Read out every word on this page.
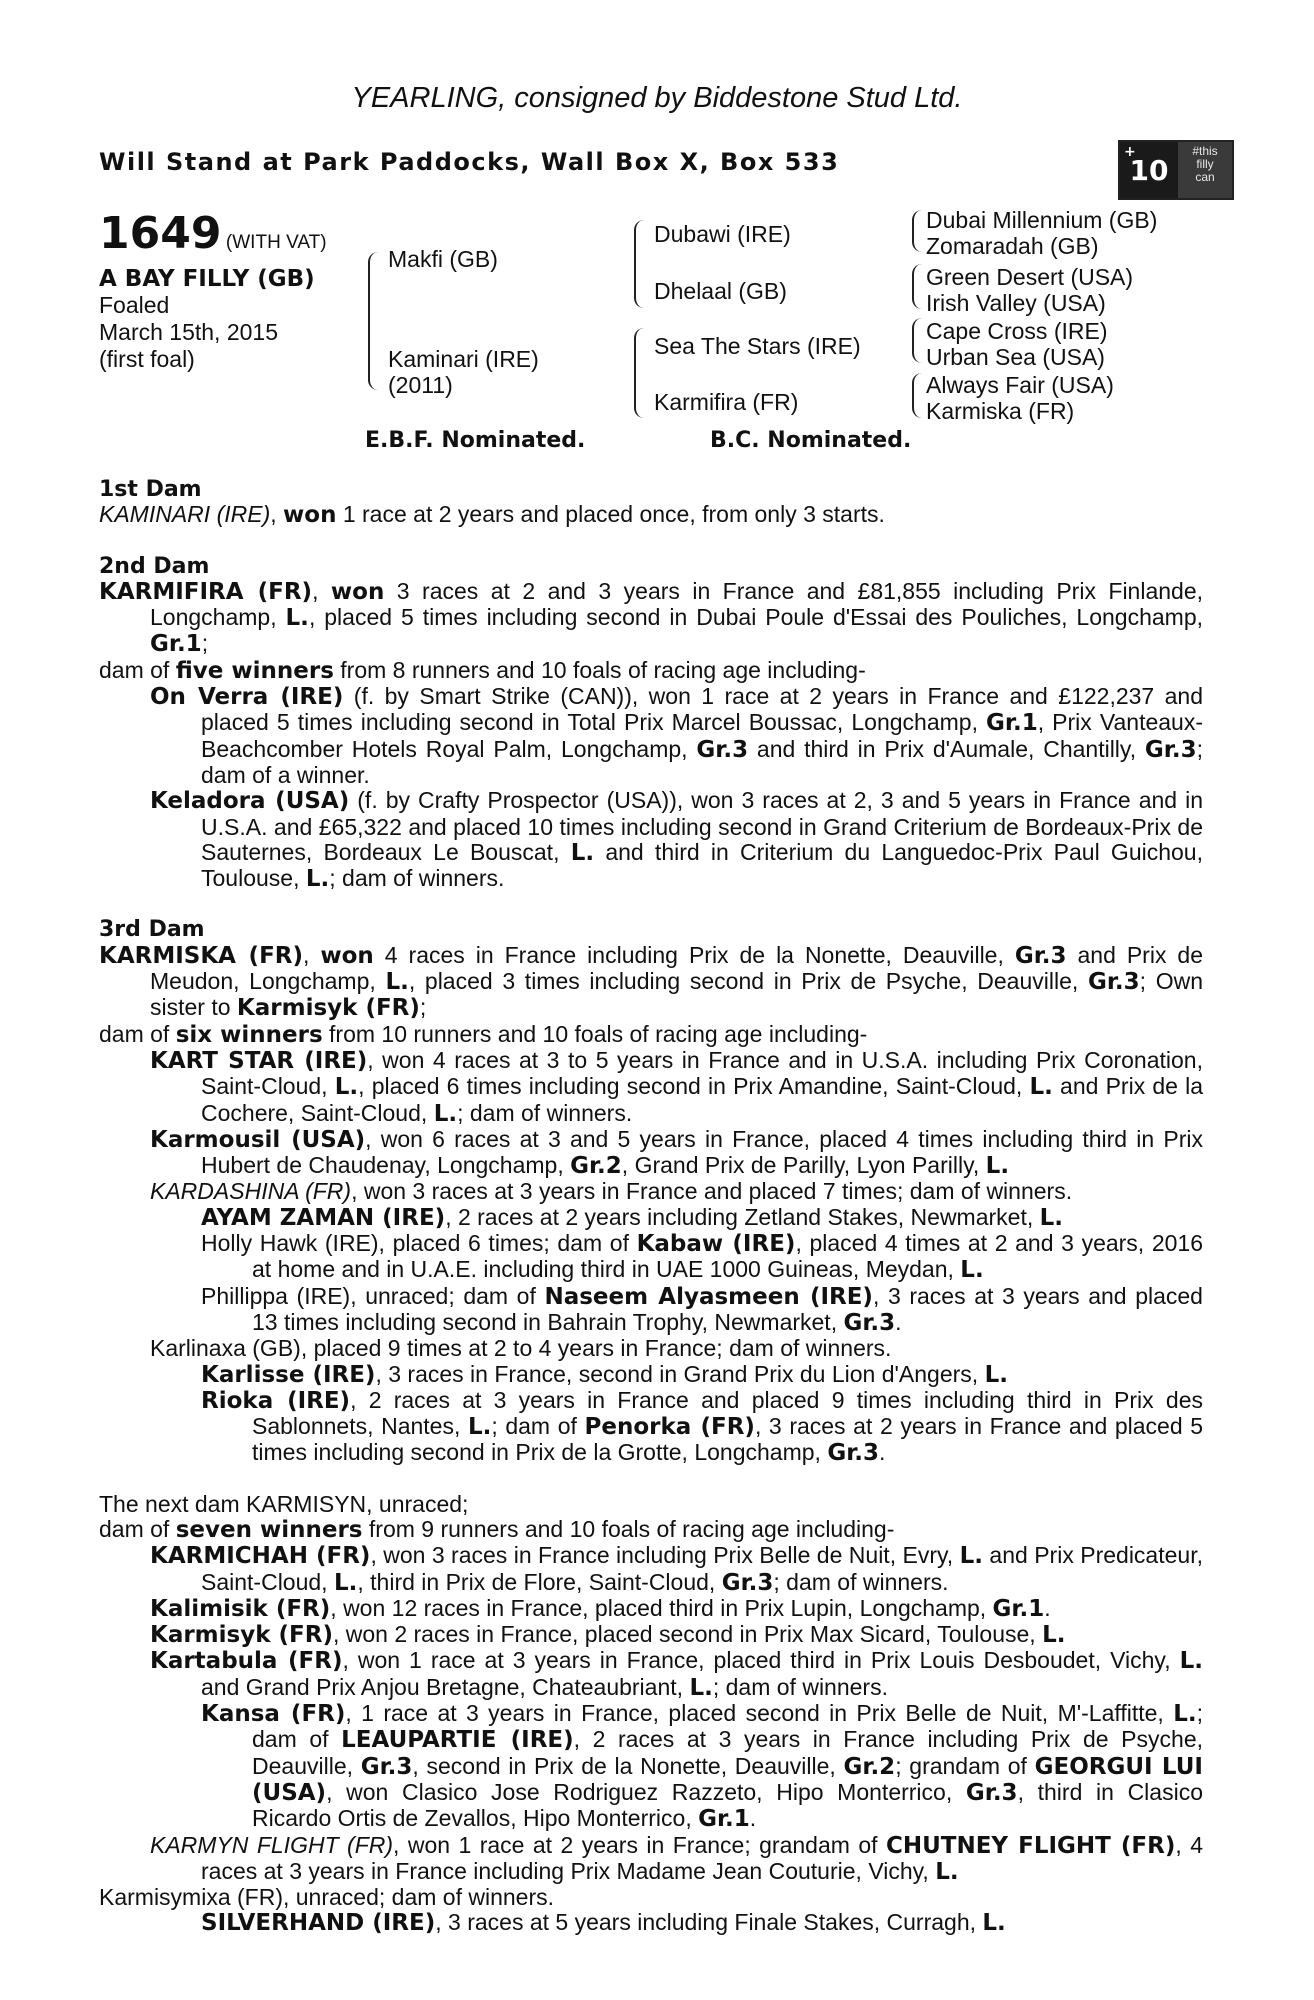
YEARLING, consigned by Biddestone Stud Ltd.
Will Stand at Park Paddocks, Wall Box X, Box 533	+
10
#this
filly
can
1649 (WITH VAT)
A BAY FILLY (GB)
Foaled
March 15th, 2015
(first foal)
Makfi (GB)
Kaminari (IRE)
(2011)
Dubawi (IRE)
Dhelaal (GB)
Sea The Stars (IRE)
Karmifira (FR)
Dubai Millennium (GB)
Zomaradah (GB)
Green Desert (USA)
Irish Valley (USA)
Cape Cross (IRE)
Urban Sea (USA)
Always Fair (USA)
Karmiska (FR)
E.B.F. Nominated.	B.C. Nominated.

1st Dam

KAMINARI (IRE), won 1 race at 2 years and placed once, from only 3 starts.

2nd Dam

KARMIFIRA (FR), won 3 races at 2 and 3 years in France and £81,855 including Prix Finlande, Longchamp, L., placed 5 times including second in Dubai Poule d'Essai des Pouliches, Longchamp, Gr.1;

dam of five winners from 8 runners and 10 foals of racing age including-

On Verra (IRE) (f. by Smart Strike (CAN)), won 1 race at 2 years in France and £122,237 and placed 5 times including second in Total Prix Marcel Boussac, Longchamp, Gr.1, Prix Vanteaux-Beachcomber Hotels Royal Palm, Longchamp, Gr.3 and third in Prix d'Aumale, Chantilly, Gr.3; dam of a winner.

Keladora (USA) (f. by Crafty Prospector (USA)), won 3 races at 2, 3 and 5 years in France and in U.S.A. and £65,322 and placed 10 times including second in Grand Criterium de Bordeaux-Prix de Sauternes, Bordeaux Le Bouscat, L. and third in Criterium du Languedoc-Prix Paul Guichou, Toulouse, L.; dam of winners.

3rd Dam

KARMISKA (FR), won 4 races in France including Prix de la Nonette, Deauville, Gr.3 and Prix de Meudon, Longchamp, L., placed 3 times including second in Prix de Psyche, Deauville, Gr.3; Own sister to Karmisyk (FR);

dam of six winners from 10 runners and 10 foals of racing age including-

KART STAR (IRE), won 4 races at 3 to 5 years in France and in U.S.A. including Prix Coronation, Saint-Cloud, L., placed 6 times including second in Prix Amandine, Saint-Cloud, L. and Prix de la Cochere, Saint-Cloud, L.; dam of winners.

Karmousil (USA), won 6 races at 3 and 5 years in France, placed 4 times including third in Prix Hubert de Chaudenay, Longchamp, Gr.2, Grand Prix de Parilly, Lyon Parilly, L.

KARDASHINA (FR), won 3 races at 3 years in France and placed 7 times; dam of winners.

AYAM ZAMAN (IRE), 2 races at 2 years including Zetland Stakes, Newmarket, L.

Holly Hawk (IRE), placed 6 times; dam of Kabaw (IRE), placed 4 times at 2 and 3 years, 2016 at home and in U.A.E. including third in UAE 1000 Guineas, Meydan, L.

Phillippa (IRE), unraced; dam of Naseem Alyasmeen (IRE), 3 races at 3 years and placed 13 times including second in Bahrain Trophy, Newmarket, Gr.3.

Karlinaxa (GB), placed 9 times at 2 to 4 years in France; dam of winners.

Karlisse (IRE), 3 races in France, second in Grand Prix du Lion d'Angers, L.

Rioka (IRE), 2 races at 3 years in France and placed 9 times including third in Prix des Sablonnets, Nantes, L.; dam of Penorka (FR), 3 races at 2 years in France and placed 5 times including second in Prix de la Grotte, Longchamp, Gr.3.

The next dam KARMISYN, unraced;

dam of seven winners from 9 runners and 10 foals of racing age including-

KARMICHAH (FR), won 3 races in France including Prix Belle de Nuit, Evry, L. and Prix Predicateur, Saint-Cloud, L., third in Prix de Flore, Saint-Cloud, Gr.3; dam of winners.

Kalimisik (FR), won 12 races in France, placed third in Prix Lupin, Longchamp, Gr.1.

Karmisyk (FR), won 2 races in France, placed second in Prix Max Sicard, Toulouse, L.

Kartabula (FR), won 1 race at 3 years in France, placed third in Prix Louis Desboudet, Vichy, L. and Grand Prix Anjou Bretagne, Chateaubriant, L.; dam of winners.

Kansa (FR), 1 race at 3 years in France, placed second in Prix Belle de Nuit, M'-Laffitte, L.; dam of LEAUPARTIE (IRE), 2 races at 3 years in France including Prix de Psyche, Deauville, Gr.3, second in Prix de la Nonette, Deauville, Gr.2; grandam of GEORGUI LUI (USA), won Clasico Jose Rodriguez Razzeto, Hipo Monterrico, Gr.3, third in Clasico Ricardo Ortis de Zevallos, Hipo Monterrico, Gr.1.

KARMYN FLIGHT (FR), won 1 race at 2 years in France; grandam of CHUTNEY FLIGHT (FR), 4 races at 3 years in France including Prix Madame Jean Couturie, Vichy, L.

Karmisymixa (FR), unraced; dam of winners.

SILVERHAND (IRE), 3 races at 5 years including Finale Stakes, Curragh, L.
